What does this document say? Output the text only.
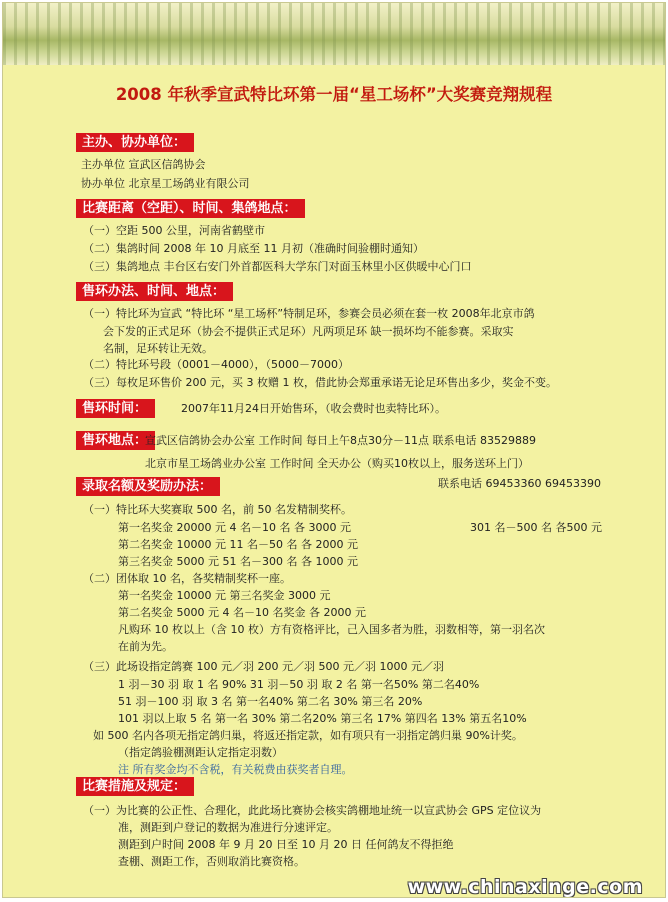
2008 年秋季宣武特比环第一届“星工场杯”大奖赛竞翔规程
主办、协办单位：
主办单位 宣武区信鸽协会
协办单位 北京星工场鸽业有限公司
比赛距离（空距）、时间、集鸽地点：
（一）空距 500 公里，河南省鹤壁市
（二）集鸽时间 2008 年 10 月底至 11 月初（准确时间验棚时通知）
（三）集鸽地点 丰台区右安门外首都医科大学东门对面玉林里小区供暖中心门口
售环办法、时间、地点：
（一）特比环为宣武 “特比环 “星工场杯”特制足环，参赛会员必须在套一枚 2008年北京市鸽
会下发的正式足环（协会不提供正式足环）凡两项足环 缺一损坏均不能参赛。采取实
名制，足环转让无效。
（二）特比环号段（0001－4000），（5000－7000）
（三）每枚足环售价 200 元，买 3 枚赠 1 枚，借此协会郑重承诺无论足环售出多少，奖金不变。
售环时间：	2007年11月24日开始售环，（收会费时也卖特比环）。
售环地点：
宣武区信鸽协会办公室 工作时间 每日上午8点30分－11点 联系电话 83529889
北京市星工场鸽业办公室 工作时间 全天办公（购买10枚以上，服务送环上门）
联系电话 69453360 69453390
录取名额及奖励办法：
（一）特比环大奖赛取 500 名，前 50 名发精制奖杯。
第一名奖金 20000 元 4 名－10 名 各 3000 元	301 名－500 名 各500 元
第二名奖金 10000 元 11 名－50 名 各 2000 元
第三名奖金 5000 元 51 名－300 名 各 1000 元
（二）团体取 10 名，各奖精制奖杯一座。
第一名奖金 10000 元 第三名奖金 3000 元
第二名奖金 5000 元 4 名－10 名奖金 各 2000 元
凡购环 10 枚以上（含 10 枚）方有资格评比，己入国多者为胜，羽数相等，第一羽名次
在前为先。
（三）此场设指定鸽赛 100 元／羽 200 元／羽 500 元／羽 1000 元／羽
1 羽－30 羽 取 1 名 90% 31 羽－50 羽 取 2 名 第一名50% 第二名40%
51 羽－100 羽 取 3 名 第一名40% 第二名 30% 第三名 20%
101 羽以上取 5 名 第一名 30% 第二名20% 第三名 17% 第四名 13% 第五名10%
如 500 名内各项无指定鸽归巢，将返还指定款，如有项只有一羽指定鸽归巢 90%计奖。
（指定鸽验棚测距认定指定羽数）
注 所有奖金均不含税，有关税费由获奖者自理。
比赛措施及规定：
（一）为比赛的公正性、合理化，此此场比赛协会核实鸽棚地址统一以宣武协会 GPS 定位议为
准，测距到户登记的数据为准进行分速评定。
测距到户时间 2008 年 9 月 20 日至 10 月 20 日 任何鸽友不得拒绝
查棚、测距工作，否则取消比赛资格。
www.chinaxinge.com
